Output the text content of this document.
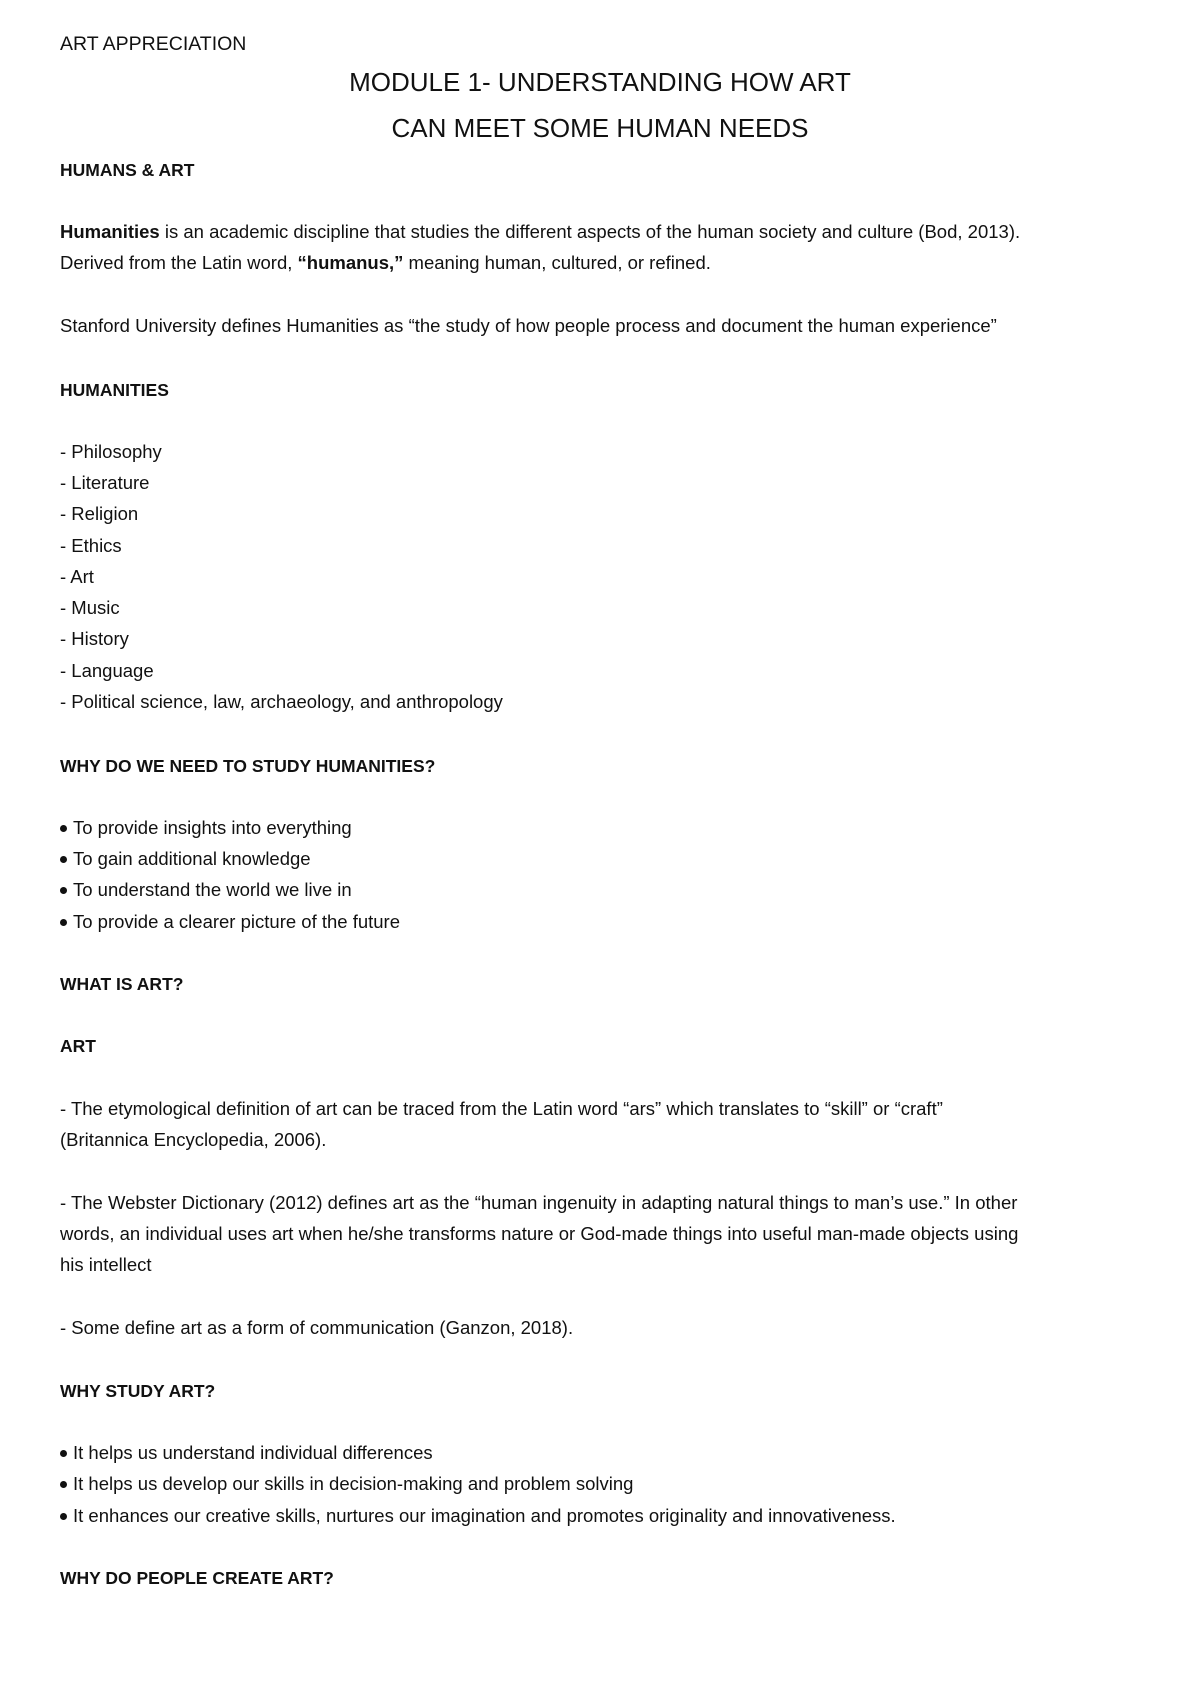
ART APPRECIATION
MODULE 1- UNDERSTANDING HOW ART
CAN MEET SOME HUMAN NEEDS
HUMANS & ART
Humanities is an academic discipline that studies the different aspects of the human society and culture (Bod, 2013).
Derived from the Latin word, “humanus,” meaning human, cultured, or refined.
Stanford University defines Humanities as “the study of how people process and document the human experience”
HUMANITIES
- Philosophy
- Literature
- Religion
- Ethics
- Art
- Music
- History
- Language
- Political science, law, archaeology, and anthropology
WHY DO WE NEED TO STUDY HUMANITIES?
To provide insights into everything
To gain additional knowledge
To understand the world we live in
To provide a clearer picture of the future
WHAT IS ART?
ART
- The etymological definition of art can be traced from the Latin word “ars” which translates to “skill” or “craft”
(Britannica Encyclopedia, 2006).
- The Webster Dictionary (2012) defines art as the “human ingenuity in adapting natural things to man’s use.” In other
words, an individual uses art when he/she transforms nature or God-made things into useful man-made objects using
his intellect
- Some define art as a form of communication (Ganzon, 2018).
WHY STUDY ART?
It helps us understand individual differences
It helps us develop our skills in decision-making and problem solving
It enhances our creative skills, nurtures our imagination and promotes originality and innovativeness.
WHY DO PEOPLE CREATE ART?
